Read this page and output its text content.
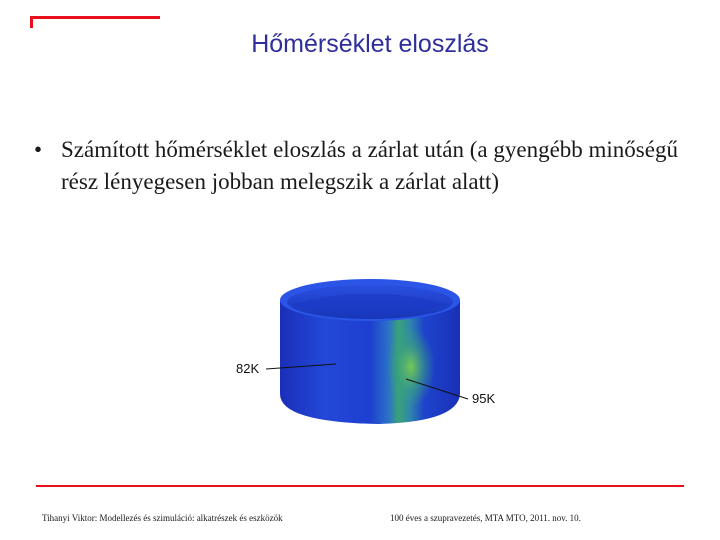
Hőmérséklet eloszlás
• Számított hőmérséklet eloszlás a zárlat után (a gyengébb minőségű rész lényegesen jobban melegszik a zárlat alatt)
82K
95K
Tihanyi Viktor: Modellezés és szimuláció: alkatrészek és eszközök	100 éves a szupravezetés, MTA MTO, 2011. nov. 10.
